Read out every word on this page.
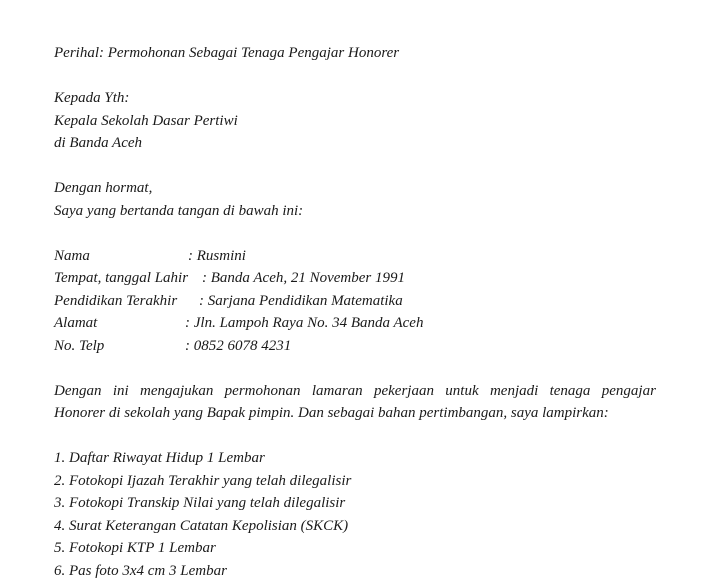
Perihal: Permohonan Sebagai Tenaga Pengajar Honorer
Kepada Yth:
Kepala Sekolah Dasar Pertiwi
di Banda Aceh
Dengan hormat,
Saya yang bertanda tangan di bawah ini:
Nama	: Rusmini
Tempat, tanggal Lahir : Banda Aceh, 21 November 1991
Pendidikan Terakhir : Sarjana Pendidikan Matematika
Alamat	: Jln. Lampoh Raya No. 34 Banda Aceh
No. Telp	: 0852 6078 4231
Dengan ini mengajukan permohonan lamaran pekerjaan untuk menjadi tenaga pengajar
Honorer di sekolah yang Bapak pimpin. Dan sebagai bahan pertimbangan, saya lampirkan:
1. Daftar Riwayat Hidup 1 Lembar
2. Fotokopi Ijazah Terakhir yang telah dilegalisir
3. Fotokopi Transkip Nilai yang telah dilegalisir
4. Surat Keterangan Catatan Kepolisian (SKCK)
5. Fotokopi KTP 1 Lembar
6. Pas foto 3x4 cm 3 Lembar
